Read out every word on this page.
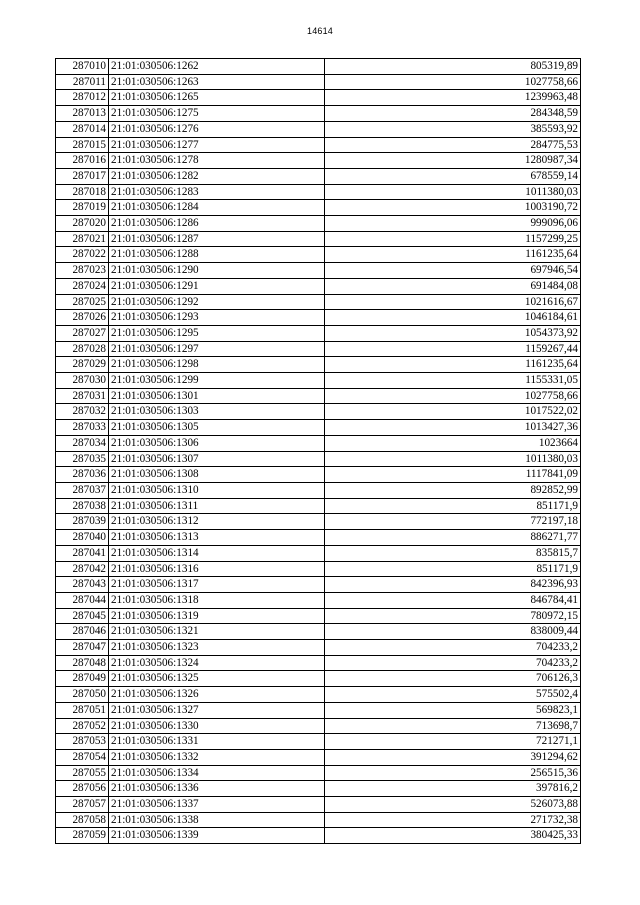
14614
287010	21:01:030506:1262	805319,89
287011	21:01:030506:1263	1027758,66
287012	21:01:030506:1265	1239963,48
287013	21:01:030506:1275	284348,59
287014	21:01:030506:1276	385593,92
287015	21:01:030506:1277	284775,53
287016	21:01:030506:1278	1280987,34
287017	21:01:030506:1282	678559,14
287018	21:01:030506:1283	1011380,03
287019	21:01:030506:1284	1003190,72
287020	21:01:030506:1286	999096,06
287021	21:01:030506:1287	1157299,25
287022	21:01:030506:1288	1161235,64
287023	21:01:030506:1290	697946,54
287024	21:01:030506:1291	691484,08
287025	21:01:030506:1292	1021616,67
287026	21:01:030506:1293	1046184,61
287027	21:01:030506:1295	1054373,92
287028	21:01:030506:1297	1159267,44
287029	21:01:030506:1298	1161235,64
287030	21:01:030506:1299	1155331,05
287031	21:01:030506:1301	1027758,66
287032	21:01:030506:1303	1017522,02
287033	21:01:030506:1305	1013427,36
287034	21:01:030506:1306	1023664
287035	21:01:030506:1307	1011380,03
287036	21:01:030506:1308	1117841,09
287037	21:01:030506:1310	892852,99
287038	21:01:030506:1311	851171,9
287039	21:01:030506:1312	772197,18
287040	21:01:030506:1313	886271,77
287041	21:01:030506:1314	835815,7
287042	21:01:030506:1316	851171,9
287043	21:01:030506:1317	842396,93
287044	21:01:030506:1318	846784,41
287045	21:01:030506:1319	780972,15
287046	21:01:030506:1321	838009,44
287047	21:01:030506:1323	704233,2
287048	21:01:030506:1324	704233,2
287049	21:01:030506:1325	706126,3
287050	21:01:030506:1326	575502,4
287051	21:01:030506:1327	569823,1
287052	21:01:030506:1330	713698,7
287053	21:01:030506:1331	721271,1
287054	21:01:030506:1332	391294,62
287055	21:01:030506:1334	256515,36
287056	21:01:030506:1336	397816,2
287057	21:01:030506:1337	526073,88
287058	21:01:030506:1338	271732,38
287059	21:01:030506:1339	380425,33
